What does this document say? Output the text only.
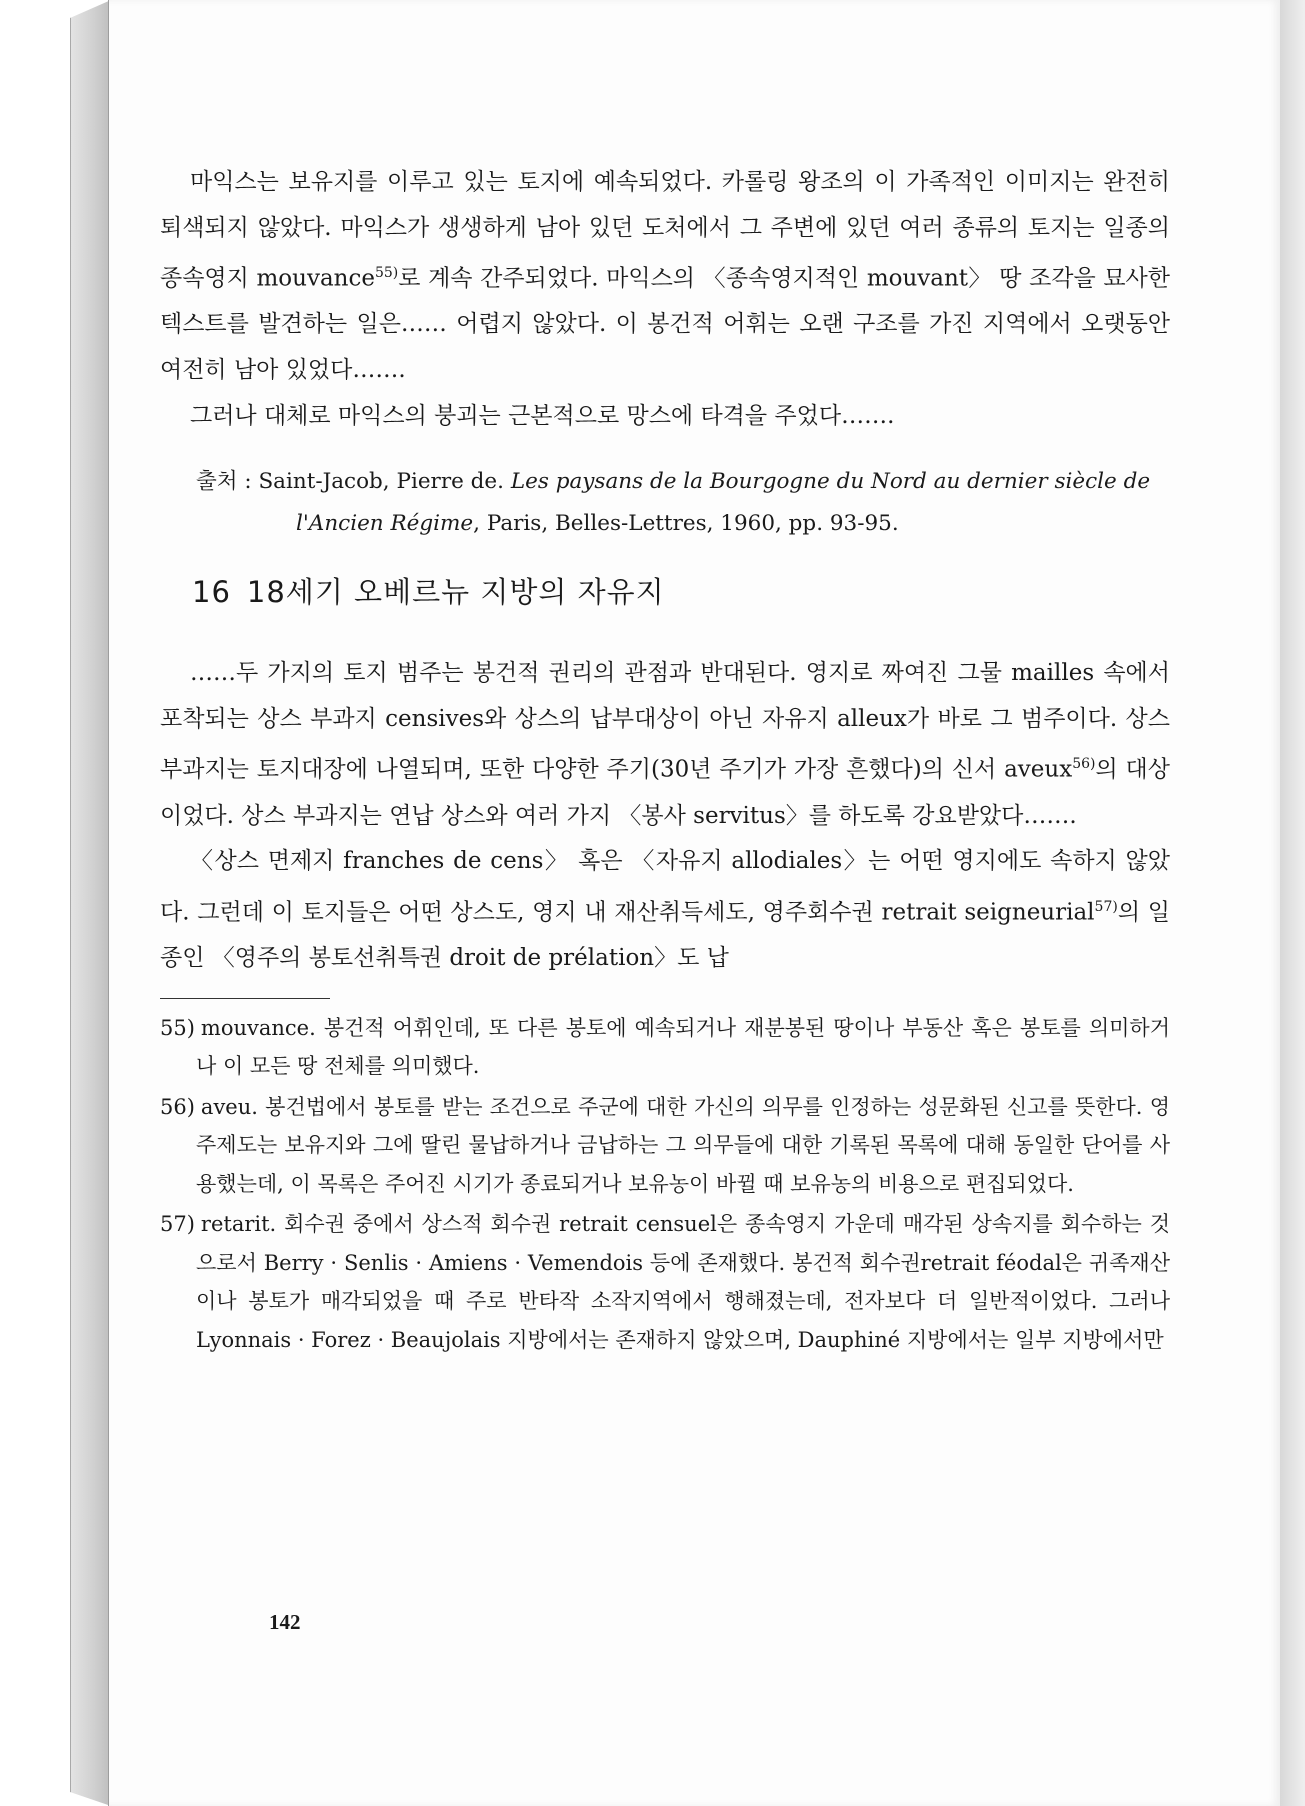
마익스는 보유지를 이루고 있는 토지에 예속되었다. 카롤링 왕조의 이 가족적인 이미지는 완전히 퇴색되지 않았다. 마익스가 생생하게 남아 있던 도처에서 그 주변에 있던 여러 종류의 토지는 일종의 종속영지 mouvance$^{55)}$로 계속 간주되었다. 마익스의 〈종속영지적인 mouvant〉 땅 조각을 묘사한 텍스트를 발견하는 일은…… 어렵지 않았다. 이 봉건적 어휘는 오랜 구조를 가진 지역에서 오랫동안 여전히 남아 있었다…….

그러나 대체로 마익스의 붕괴는 근본적으로 망스에 타격을 주었다…….

출처 : Saint-Jacob, Pierre de. Les paysans de la Bourgogne du Nord au dernier siècle de l'Ancien Régime, Paris, Belles-Lettres, 1960, pp. 93-95.
16 18세기 오베르뉴 지방의 자유지

……두 가지의 토지 범주는 봉건적 권리의 관점과 반대된다. 영지로 짜여진 그물 mailles 속에서 포착되는 상스 부과지 censives와 상스의 납부대상이 아닌 자유지 alleux가 바로 그 범주이다. 상스 부과지는 토지대장에 나열되며, 또한 다양한 주기(30년 주기가 가장 흔했다)의 신서 aveux$^{56)}$의 대상이었다. 상스 부과지는 연납 상스와 여러 가지 〈봉사 servitus〉를 하도록 강요받았다…….

〈상스 면제지 franches de cens〉 혹은 〈자유지 allodiales〉는 어떤 영지에도 속하지 않았다. 그런데 이 토지들은 어떤 상스도, 영지 내 재산취득세도, 영주회수권 retrait seigneurial$^{57)}$의 일종인 〈영주의 봉토선취특권 droit de prélation〉도 납

55) mouvance. 봉건적 어휘인데, 또 다른 봉토에 예속되거나 재분봉된 땅이나 부동산 혹은 봉토를 의미하거나 이 모든 땅 전체를 의미했다.

56) aveu. 봉건법에서 봉토를 받는 조건으로 주군에 대한 가신의 의무를 인정하는 성문화된 신고를 뜻한다. 영주제도는 보유지와 그에 딸린 물납하거나 금납하는 그 의무들에 대한 기록된 목록에 대해 동일한 단어를 사용했는데, 이 목록은 주어진 시기가 종료되거나 보유농이 바뀔 때 보유농의 비용으로 편집되었다.

57) retarit. 회수권 중에서 상스적 회수권 retrait censuel은 종속영지 가운데 매각된 상속지를 회수하는 것으로서 Berry · Senlis · Amiens · Vemendois 등에 존재했다. 봉건적 회수권retrait féodal은 귀족재산이나 봉토가 매각되었을 때 주로 반타작 소작지역에서 행해졌는데, 전자보다 더 일반적이었다. 그러나 Lyonnais · Forez · Beaujolais 지방에서는 존재하지 않았으며, Dauphiné 지방에서는 일부 지방에서만

142
